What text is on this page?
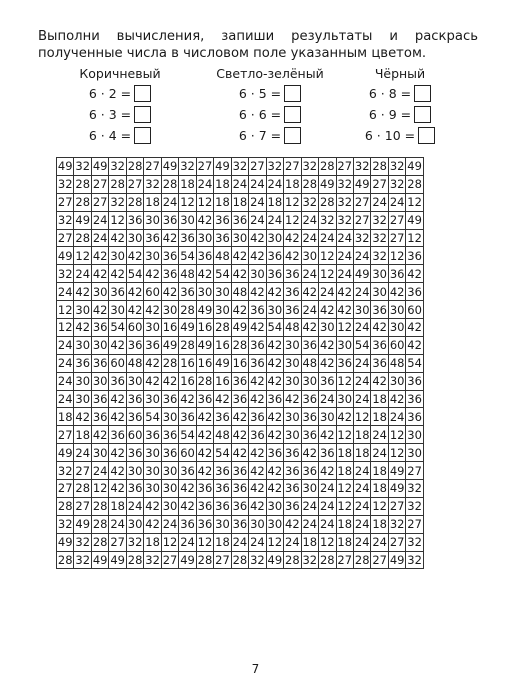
Выполни вычисления, запиши результаты и раскрась полученные числа в числовом поле указанным цветом.

Коричневый
6 · 2 =
6 · 3 =
6 · 4 =
Светло-зелёный
6 · 5 =
6 · 6 =
6 · 7 =
Чёрный
6 · 8 =
6 · 9 =
6 · 10 =
49	32	49	32	28	27	49	32	27	49	32	27	32	27	32	28	27	32	28	32	49
32	28	27	28	27	32	28	18	24	18	24	24	24	18	28	49	32	49	27	32	28
27	28	27	32	28	18	24	12	12	18	18	24	18	12	32	28	32	27	24	24	12
32	49	24	12	36	30	36	30	42	36	36	24	24	12	24	32	32	27	32	27	49
27	28	24	42	30	36	42	36	30	36	30	42	30	42	24	24	24	32	32	27	12
49	12	42	30	42	30	36	54	36	48	42	42	36	42	30	12	24	24	32	12	36
32	24	42	42	54	42	36	48	42	54	42	30	36	36	24	12	24	49	30	36	42
24	42	30	36	42	60	42	36	30	30	48	42	42	36	42	24	42	24	30	42	36
12	30	42	30	42	42	30	28	49	30	42	36	30	36	24	42	42	30	36	30	60
12	42	36	54	60	30	16	49	16	28	49	42	54	48	42	30	12	24	42	30	42
24	30	30	42	36	36	49	28	49	16	28	36	42	30	36	42	30	54	36	60	42
24	36	36	60	48	42	28	16	16	49	16	36	42	30	48	42	36	24	36	48	54
24	30	30	36	30	42	42	16	28	16	36	42	42	30	30	36	12	24	42	30	36
24	30	36	42	36	30	36	42	36	42	36	42	36	42	36	24	30	24	18	42	36
18	42	36	42	36	54	30	36	42	36	42	36	42	30	36	30	42	12	18	24	36
27	18	42	36	60	36	36	54	42	48	42	36	42	30	36	42	12	18	24	12	30
49	24	30	42	36	30	36	60	42	54	42	42	36	36	42	36	18	18	24	12	30
32	27	24	42	30	30	30	36	42	36	36	42	42	36	36	42	18	24	18	49	27
27	28	12	42	36	30	30	42	36	36	36	42	42	36	30	24	12	24	18	49	32
28	27	28	18	24	42	30	42	36	36	36	42	30	36	24	24	12	24	12	27	32
32	49	28	24	30	42	24	36	36	30	36	30	30	42	24	24	18	24	18	32	27
49	32	28	27	32	18	12	24	12	18	24	24	12	24	18	12	18	24	24	27	32
28	32	49	49	28	32	27	49	28	27	28	32	49	28	32	28	27	28	27	49	32
7
